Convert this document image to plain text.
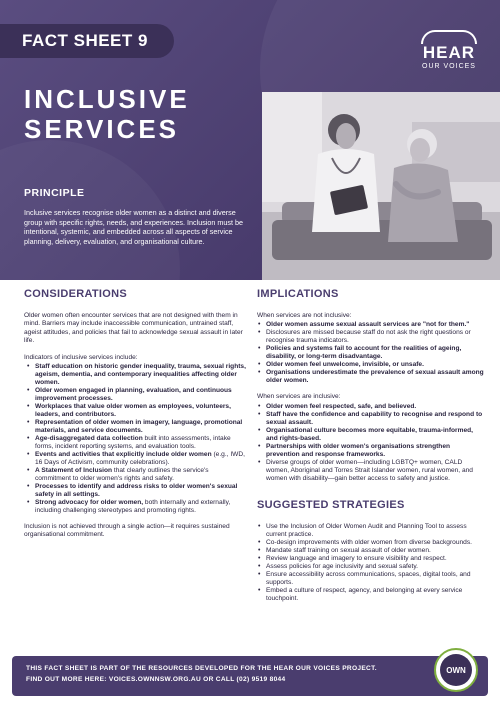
FACT SHEET 9
HEAR
OUR VOICES
INCLUSIVE
SERVICES
PRINCIPLE

Inclusive services recognise older women as a distinct and diverse group with specific rights, needs, and experiences. Inclusion must be intentional, systemic, and embedded across all aspects of service planning, delivery, evaluation, and organisational culture.

CONSIDERATIONS

Older women often encounter services that are not designed with them in mind. Barriers may include inaccessible communication, untrained staff, ageist attitudes, and policies that fail to acknowledge sexual assault in later life.

Indicators of inclusive services include:

• Staff education on historic gender inequality, trauma, sexual rights, ageism, dementia, and contemporary inequalities affecting older women.
• Older women engaged in planning, evaluation, and continuous improvement processes.
• Workplaces that value older women as employees, volunteers, leaders, and contributors.
• Representation of older women in imagery, language, promotional materials, and service documents.
• Age-disaggregated data collection built into assessments, intake forms, incident reporting systems, and evaluation tools.
• Events and activities that explicitly include older women (e.g., IWD, 16 Days of Activism, community celebrations).
• A Statement of Inclusion that clearly outlines the service's commitment to older women's rights and safety.
• Processes to identify and address risks to older women's sexual safety in all settings.
• Strong advocacy for older women, both internally and externally, including challenging stereotypes and promoting rights.

Inclusion is not achieved through a single action—it requires sustained organisational commitment.

IMPLICATIONS

When services are not inclusive:

• Older women assume sexual assault services are "not for them."
• Disclosures are missed because staff do not ask the right questions or recognise trauma indicators.
• Policies and systems fail to account for the realities of ageing, disability, or long-term disadvantage.
• Older women feel unwelcome, invisible, or unsafe.
• Organisations underestimate the prevalence of sexual assault among older women.

When services are inclusive:

• Older women feel respected, safe, and believed.
• Staff have the confidence and capability to recognise and respond to sexual assault.
• Organisational culture becomes more equitable, trauma-informed, and rights-based.
• Partnerships with older women's organisations strengthen prevention and response frameworks.
• Diverse groups of older women—including LGBTQ+ women, CALD women, Aboriginal and Torres Strait Islander women, rural women, and women with disability—gain better access to safety and justice.
SUGGESTED STRATEGIES
• Use the Inclusion of Older Women Audit and Planning Tool to assess current practice.
• Co-design improvements with older women from diverse backgrounds.
• Mandate staff training on sexual assault of older women.
• Review language and imagery to ensure visibility and respect.
• Assess policies for age inclusivity and sexual safety.
• Ensure accessibility across communications, spaces, digital tools, and supports.
• Embed a culture of respect, agency, and belonging at every service touchpoint.
THIS FACT SHEET IS PART OF THE RESOURCES DEVELOPED FOR THE HEAR OUR VOICES PROJECT.
FIND OUT MORE HERE: VOICES.OWNNSW.ORG.AU OR CALL (02) 9519 8044
OWN
